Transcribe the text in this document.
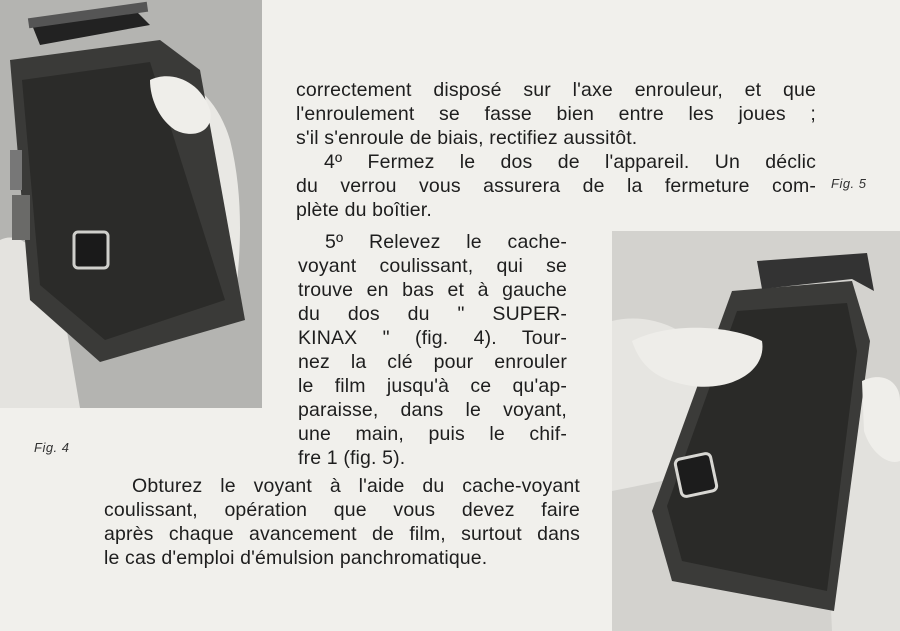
Fig. 4
Fig. 5
correctement disposé sur l'axe enrouleur, et que
l'enroulement se fasse bien entre les joues ;
s'il s'enroule de biais, rectifiez aussitôt.
4º Fermez le dos de l'appareil. Un déclic
du verrou vous assurera de la fermeture com-
plète du boîtier.
5º Relevez le cache-
voyant coulissant, qui se
trouve en bas et à gauche
du dos du " SUPER-
KINAX " (fig. 4). Tour-
nez la clé pour enrouler
le film jusqu'à ce qu'ap-
paraisse, dans le voyant,
une main, puis le chif-
fre 1 (fig. 5).
Obturez le voyant à l'aide du cache-voyant
coulissant, opération que vous devez faire
après chaque avancement de film, surtout dans
le cas d'emploi d'émulsion panchromatique.
